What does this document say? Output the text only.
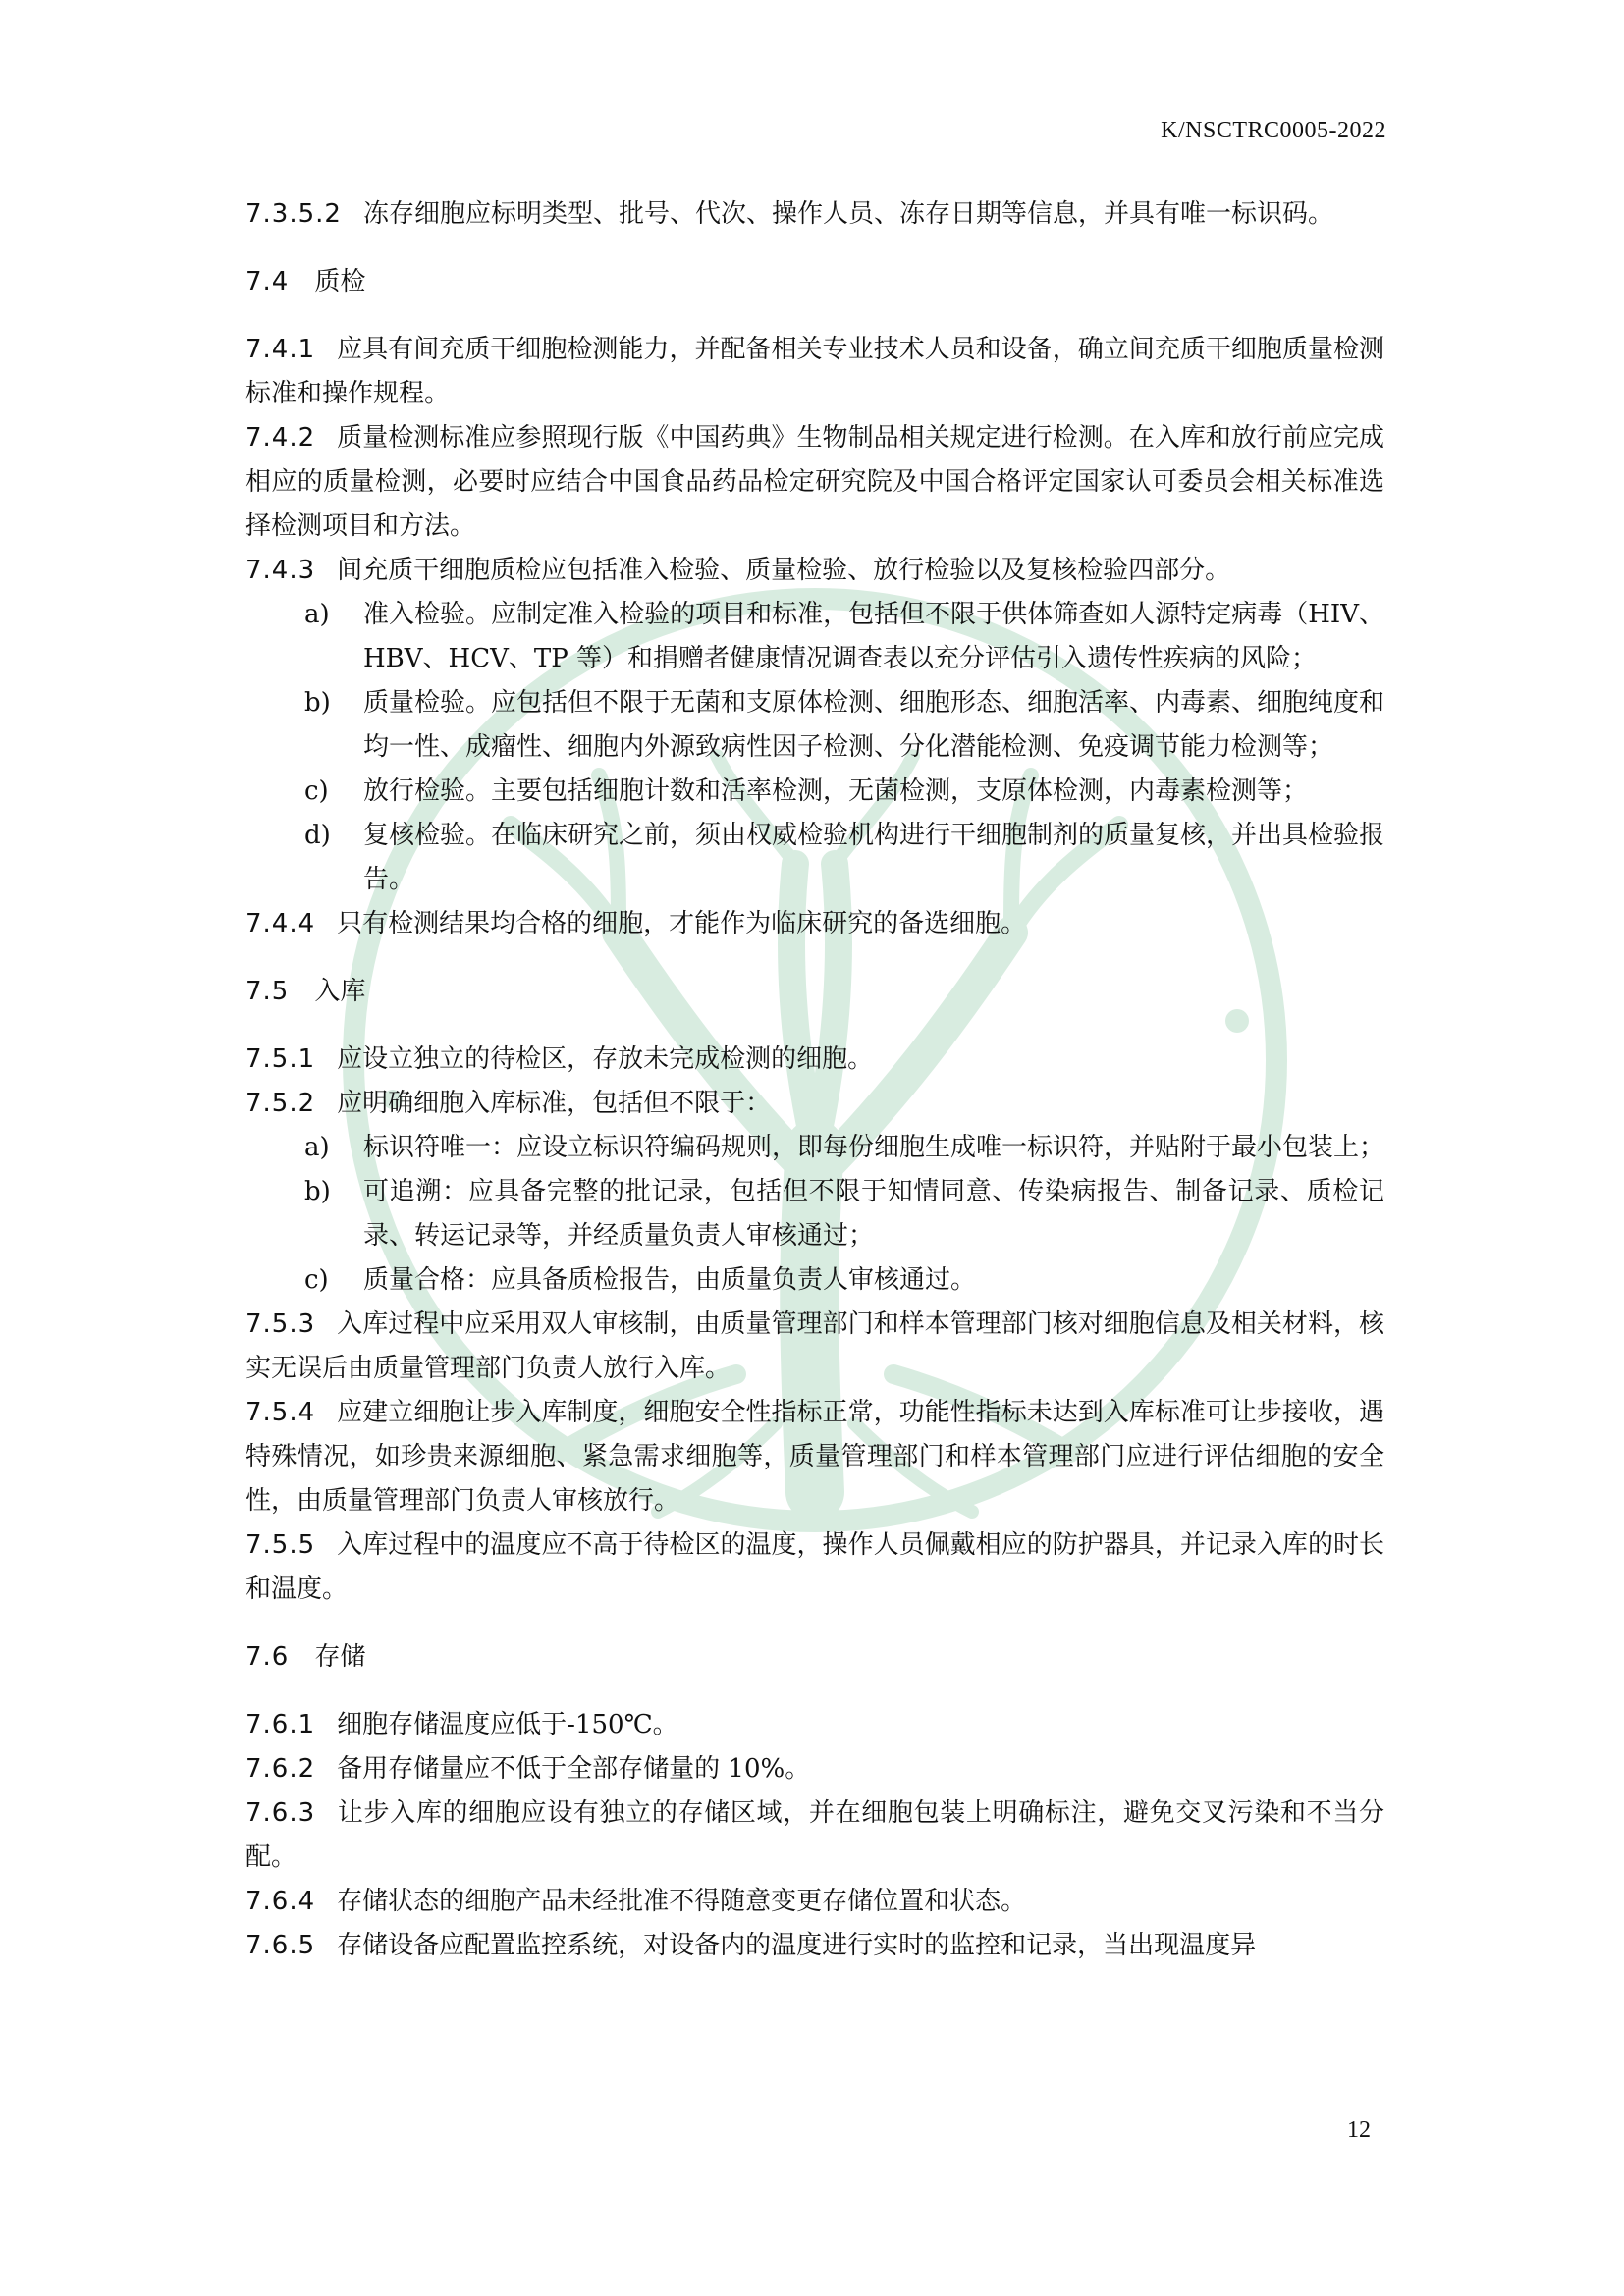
K/NSCTRC0005-2022

7.3.5.2 冻存细胞应标明类型、批号、代次、操作人员、冻存日期等信息，并具有唯一标识码。

7.4 质检

7.4.1 应具有间充质干细胞检测能力，并配备相关专业技术人员和设备，确立间充质干细胞质量检测标准和操作规程。

7.4.2 质量检测标准应参照现行版《中国药典》生物制品相关规定进行检测。在入库和放行前应完成相应的质量检测，必要时应结合中国食品药品检定研究院及中国合格评定国家认可委员会相关标准选择检测项目和方法。

7.4.3 间充质干细胞质检应包括准入检验、质量检验、放行检验以及复核检验四部分。

a)	准入检验。应制定准入检验的项目和标准，包括但不限于供体筛查如人源特定病毒（HIV、HBV、HCV、TP 等）和捐赠者健康情况调查表以充分评估引入遗传性疾病的风险；
b)	质量检验。应包括但不限于无菌和支原体检测、细胞形态、细胞活率、内毒素、细胞纯度和均一性、成瘤性、细胞内外源致病性因子检测、分化潜能检测、免疫调节能力检测等；
c)	放行检验。主要包括细胞计数和活率检测，无菌检测，支原体检测，内毒素检测等；
d)	复核检验。在临床研究之前，须由权威检验机构进行干细胞制剂的质量复核，并出具检验报告。

7.4.4 只有检测结果均合格的细胞，才能作为临床研究的备选细胞。

7.5 入库

7.5.1 应设立独立的待检区，存放未完成检测的细胞。

7.5.2 应明确细胞入库标准，包括但不限于：

a)	标识符唯一：应设立标识符编码规则，即每份细胞生成唯一标识符，并贴附于最小包装上；
b)	可追溯：应具备完整的批记录，包括但不限于知情同意、传染病报告、制备记录、质检记录、转运记录等，并经质量负责人审核通过；
c)	质量合格：应具备质检报告，由质量负责人审核通过。

7.5.3 入库过程中应采用双人审核制，由质量管理部门和样本管理部门核对细胞信息及相关材料，核实无误后由质量管理部门负责人放行入库。

7.5.4 应建立细胞让步入库制度，细胞安全性指标正常，功能性指标未达到入库标准可让步接收，遇特殊情况，如珍贵来源细胞、紧急需求细胞等，质量管理部门和样本管理部门应进行评估细胞的安全性，由质量管理部门负责人审核放行。

7.5.5 入库过程中的温度应不高于待检区的温度，操作人员佩戴相应的防护器具，并记录入库的时长和温度。

7.6 存储

7.6.1 细胞存储温度应低于-150℃。

7.6.2 备用存储量应不低于全部存储量的 10%。

7.6.3 让步入库的细胞应设有独立的存储区域，并在细胞包装上明确标注，避免交叉污染和不当分配。

7.6.4 存储状态的细胞产品未经批准不得随意变更存储位置和状态。

7.6.5 存储设备应配置监控系统，对设备内的温度进行实时的监控和记录，当出现温度异

12
